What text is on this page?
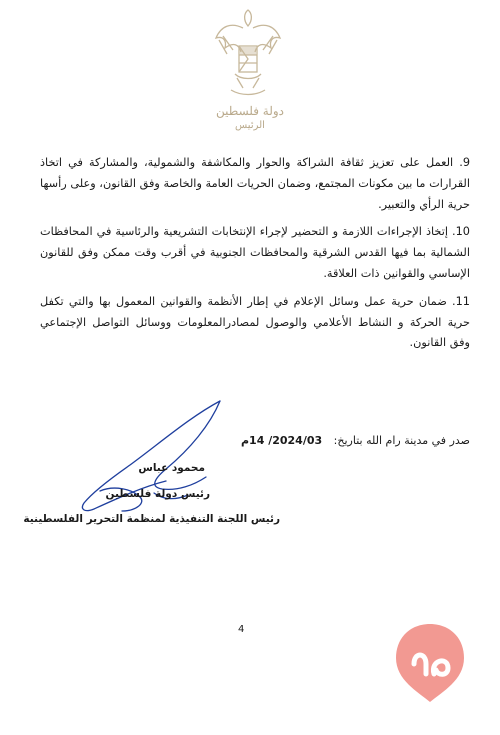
دولة فلسطين
الرئيس

9. العمل على تعزيز ثقافة الشراكة والحوار والمكاشفة والشمولية، والمشاركة في اتخاذ القرارات ما بين مكونات المجتمع، وضمان الحريات العامة والخاصة وفق القانون، وعلى رأسها حرية الرأي والتعبير.

10. إتخاذ الإجراءات اللازمة و التحضير لإجراء الإنتخابات التشريعية والرئاسية في المحافظات الشمالية بما فيها القدس الشرقية والمحافظات الجنوبية في أقرب وقت ممكن وفق للقانون الإساسي والقوانين ذات العلاقة.

11. ضمان حرية عمل وسائل الإعلام في إطار الأنظمة والقوانين المعمول بها والتي تكفل حرية الحركة و النشاط الأعلامي والوصول لمصادرالمعلومات ووسائل التواصل الإجتماعي وفق القانون.

صدر في مدينة رام الله بتاريخ: 2024/03/ 14م
محمود عباس
رئيس دولة فلسطين
رئيس اللجنة التنفيذية لمنظمة التحرير الفلسطينية
4
